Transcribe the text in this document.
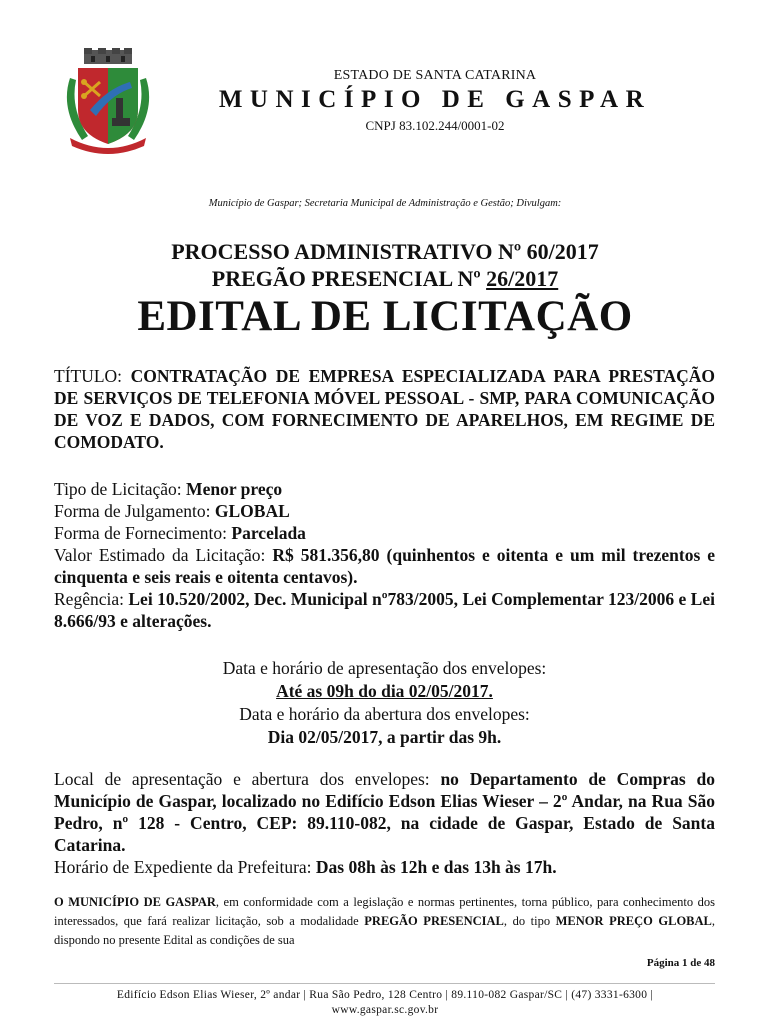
ESTADO DE SANTA CATARINA
MUNICÍPIO DE GASPAR
CNPJ 83.102.244/0001-02
Município de Gaspar; Secretaria Municipal de Administração e Gestão; Divulgam:
PROCESSO ADMINISTRATIVO Nº 60/2017
PREGÃO PRESENCIAL Nº 26/2017
EDITAL DE LICITAÇÃO
TÍTULO: CONTRATAÇÃO DE EMPRESA ESPECIALIZADA PARA PRESTAÇÃO DE SERVIÇOS DE TELEFONIA MÓVEL PESSOAL - SMP, PARA COMUNICAÇÃO DE VOZ E DADOS, COM FORNECIMENTO DE APARELHOS, EM REGIME DE COMODATO.
Tipo de Licitação: Menor preço
Forma de Julgamento: GLOBAL
Forma de Fornecimento: Parcelada
Valor Estimado da Licitação: R$ 581.356,80 (quinhentos e oitenta e um mil trezentos e cinquenta e seis reais e oitenta centavos).
Regência: Lei 10.520/2002, Dec. Municipal nº783/2005, Lei Complementar 123/2006 e Lei 8.666/93 e alterações.
Data e horário de apresentação dos envelopes:
Até as 09h do dia 02/05/2017.
Data e horário da abertura dos envelopes:
Dia 02/05/2017, a partir das 9h.
Local de apresentação e abertura dos envelopes: no Departamento de Compras do Município de Gaspar, localizado no Edifício Edson Elias Wieser – 2º Andar, na Rua São Pedro, nº 128 - Centro, CEP: 89.110-082, na cidade de Gaspar, Estado de Santa Catarina.
Horário de Expediente da Prefeitura: Das 08h às 12h e das 13h às 17h.
O MUNICÍPIO DE GASPAR, em conformidade com a legislação e normas pertinentes, torna público, para conhecimento dos interessados, que fará realizar licitação, sob a modalidade PREGÃO PRESENCIAL, do tipo MENOR PREÇO GLOBAL, dispondo no presente Edital as condições de sua
Página 1 de 48
Edifício Edson Elias Wieser, 2º andar | Rua São Pedro, 128 Centro | 89.110-082 Gaspar/SC | (47) 3331-6300 |
www.gaspar.sc.gov.br
